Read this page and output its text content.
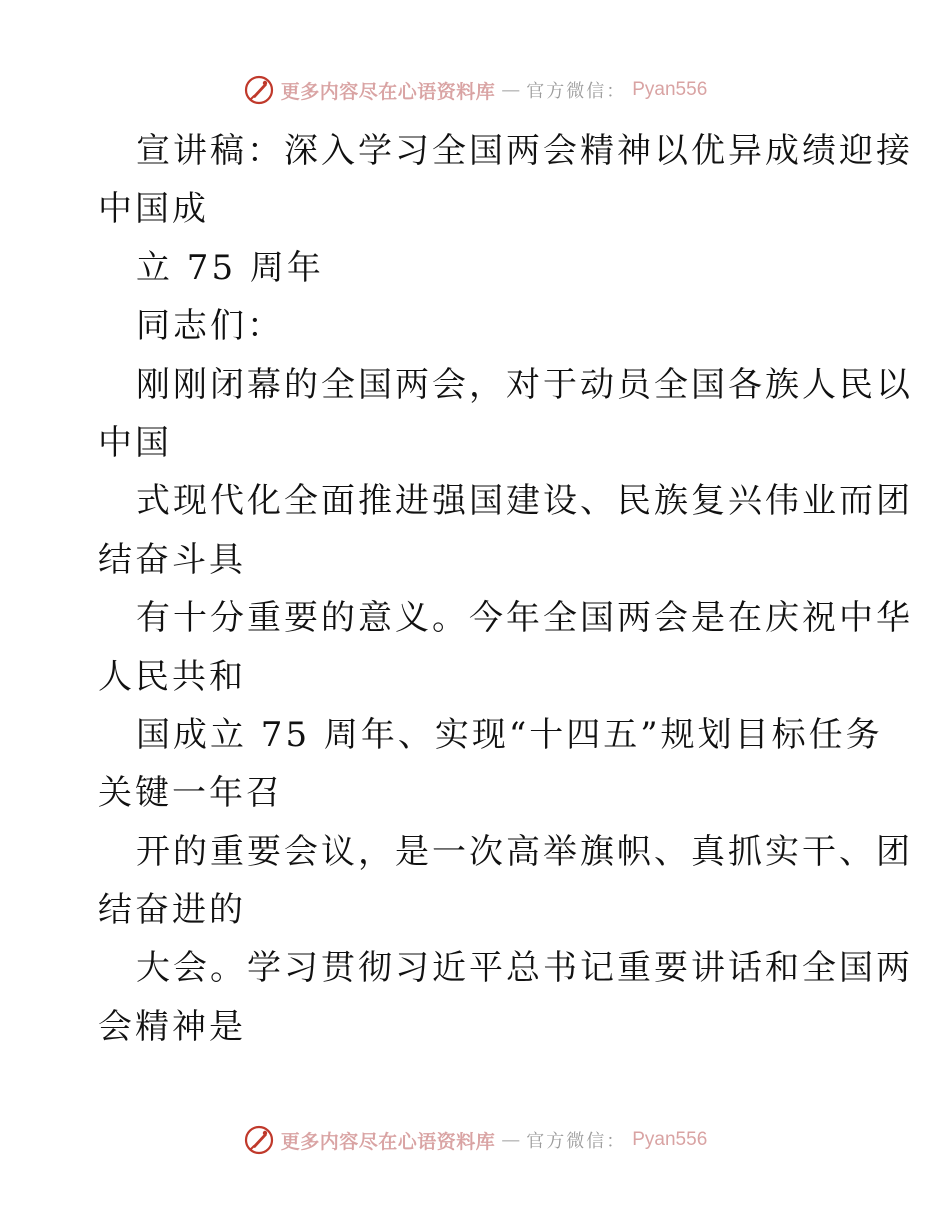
更多内容尽在心语资料库 — 官方微信： Pyan556
宣讲稿：深入学习全国两会精神以优异成绩迎接
中国成
立 75 周年
同志们：
刚刚闭幕的全国两会，对于动员全国各族人民以
中国
式现代化全面推进强国建设、民族复兴伟业而团
结奋斗具
有十分重要的意义。今年全国两会是在庆祝中华
人民共和
国成立 75 周年、实现“十四五”规划目标任务
关键一年召
开的重要会议，是一次高举旗帜、真抓实干、团
结奋进的
大会。学习贯彻习近平总书记重要讲话和全国两
会精神是
更多内容尽在心语资料库 — 官方微信： Pyan556
